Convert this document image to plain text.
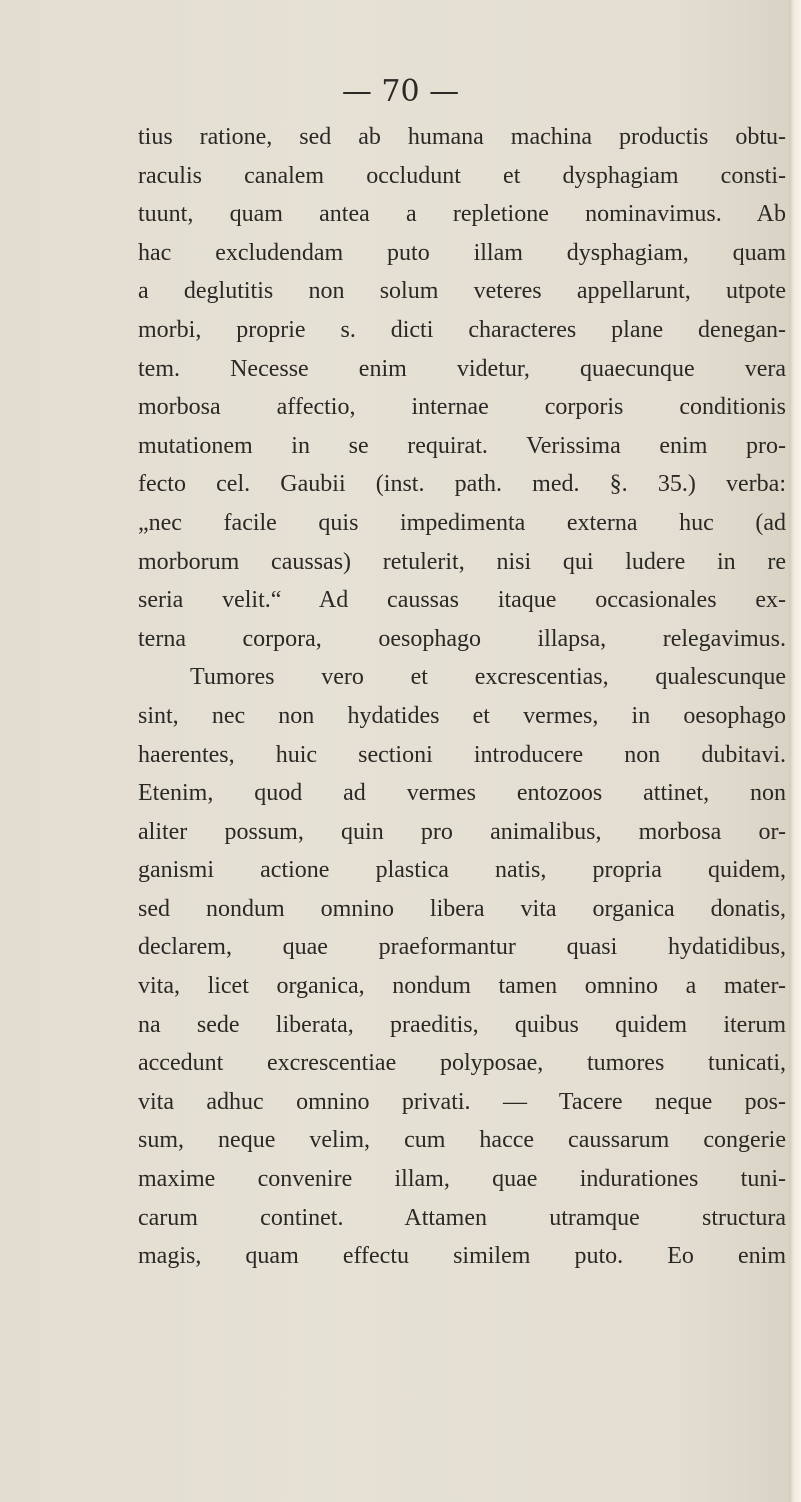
— 70 —
tius ratione, sed ab humana machina productis obtu-
raculis canalem occludunt et dysphagiam consti-
tuunt, quam antea a repletione nominavimus. Ab
hac excludendam puto illam dysphagiam, quam
a deglutitis non solum veteres appellarunt, utpote
morbi, proprie s. dicti characteres plane denegan-
tem. Necesse enim videtur, quaecunque vera
morbosa affectio, internae corporis conditionis
mutationem in se requirat. Verissima enim pro-
fecto cel. Gaubii (inst. path. med. §. 35.) verba:
„nec facile quis impedimenta externa huc (ad
morborum caussas) retulerit, nisi qui ludere in re
seria velit.“ Ad caussas itaque occasionales ex-
terna corpora, oesophago illapsa, relegavimus.
Tumores vero et excrescentias, qualescunque
sint, nec non hydatides et vermes, in oesophago
haerentes, huic sectioni introducere non dubitavi.
Etenim, quod ad vermes entozoos attinet, non
aliter possum, quin pro animalibus, morbosa or-
ganismi actione plastica natis, propria quidem,
sed nondum omnino libera vita organica donatis,
declarem, quae praeformantur quasi hydatidibus,
vita, licet organica, nondum tamen omnino a mater-
na sede liberata, praeditis, quibus quidem iterum
accedunt excrescentiae polyposae, tumores tunicati,
vita adhuc omnino privati. — Tacere neque pos-
sum, neque velim, cum hacce caussarum congerie
maxime convenire illam, quae indurationes tuni-
carum continet. Attamen utramque structura
magis, quam effectu similem puto. Eo enim
